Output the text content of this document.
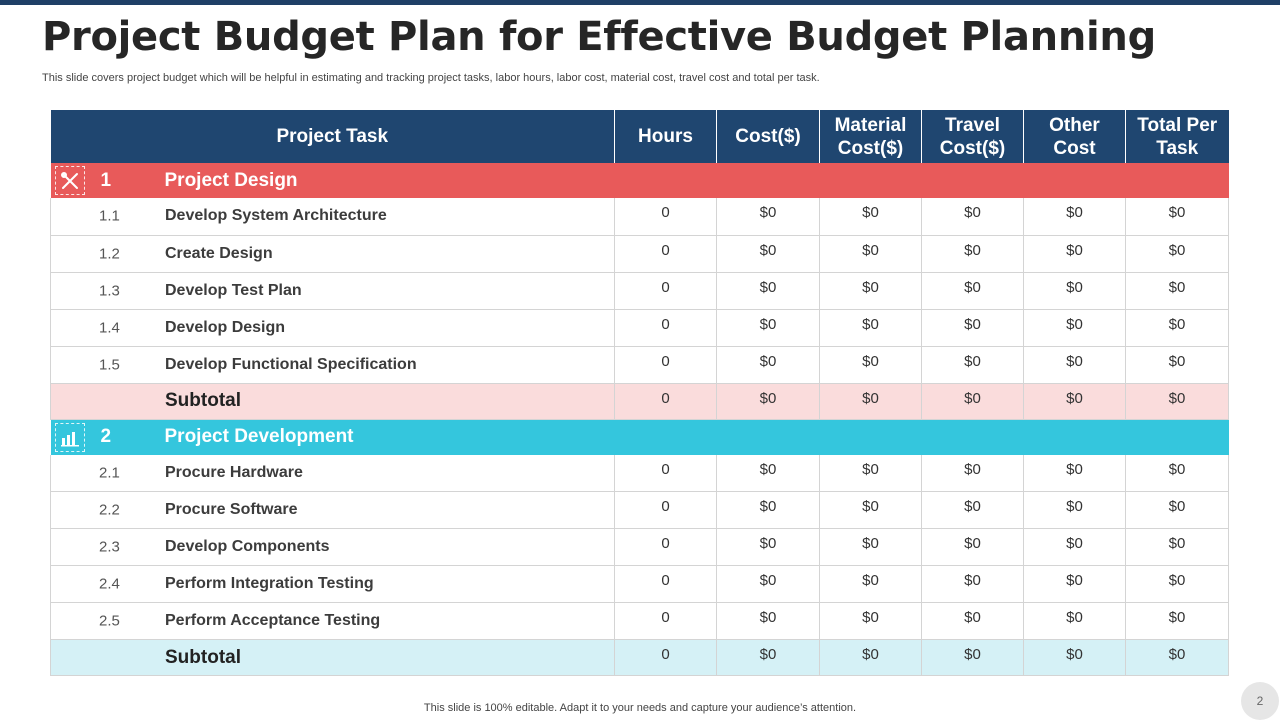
Project Budget Plan for Effective Budget Planning

This slide covers project budget which will be helpful in estimating and tracking project tasks, labor hours, labor cost, material cost, travel cost and total per task.

Project Task	Hours	Cost($)	Material Cost($)	Travel Cost($)	Other Cost	Total Per Task

1 Project Design						

1.1 Develop System Architecture	0	$0	$0	$0	$0	$0

1.2 Create Design	0	$0	$0	$0	$0	$0

1.3 Develop Test Plan	0	$0	$0	$0	$0	$0

1.4 Develop Design	0	$0	$0	$0	$0	$0

1.5 Develop Functional Specification	0	$0	$0	$0	$0	$0

Subtotal	0	$0	$0	$0	$0	$0

2 Project Development						

2.1 Procure Hardware	0	$0	$0	$0	$0	$0

2.2 Procure Software	0	$0	$0	$0	$0	$0

2.3 Develop Components	0	$0	$0	$0	$0	$0

2.4 Perform Integration Testing	0	$0	$0	$0	$0	$0

2.5 Perform Acceptance Testing	0	$0	$0	$0	$0	$0

Subtotal	0	$0	$0	$0	$0	$0
This slide is 100% editable. Adapt it to your needs and capture your audience’s attention.	2
